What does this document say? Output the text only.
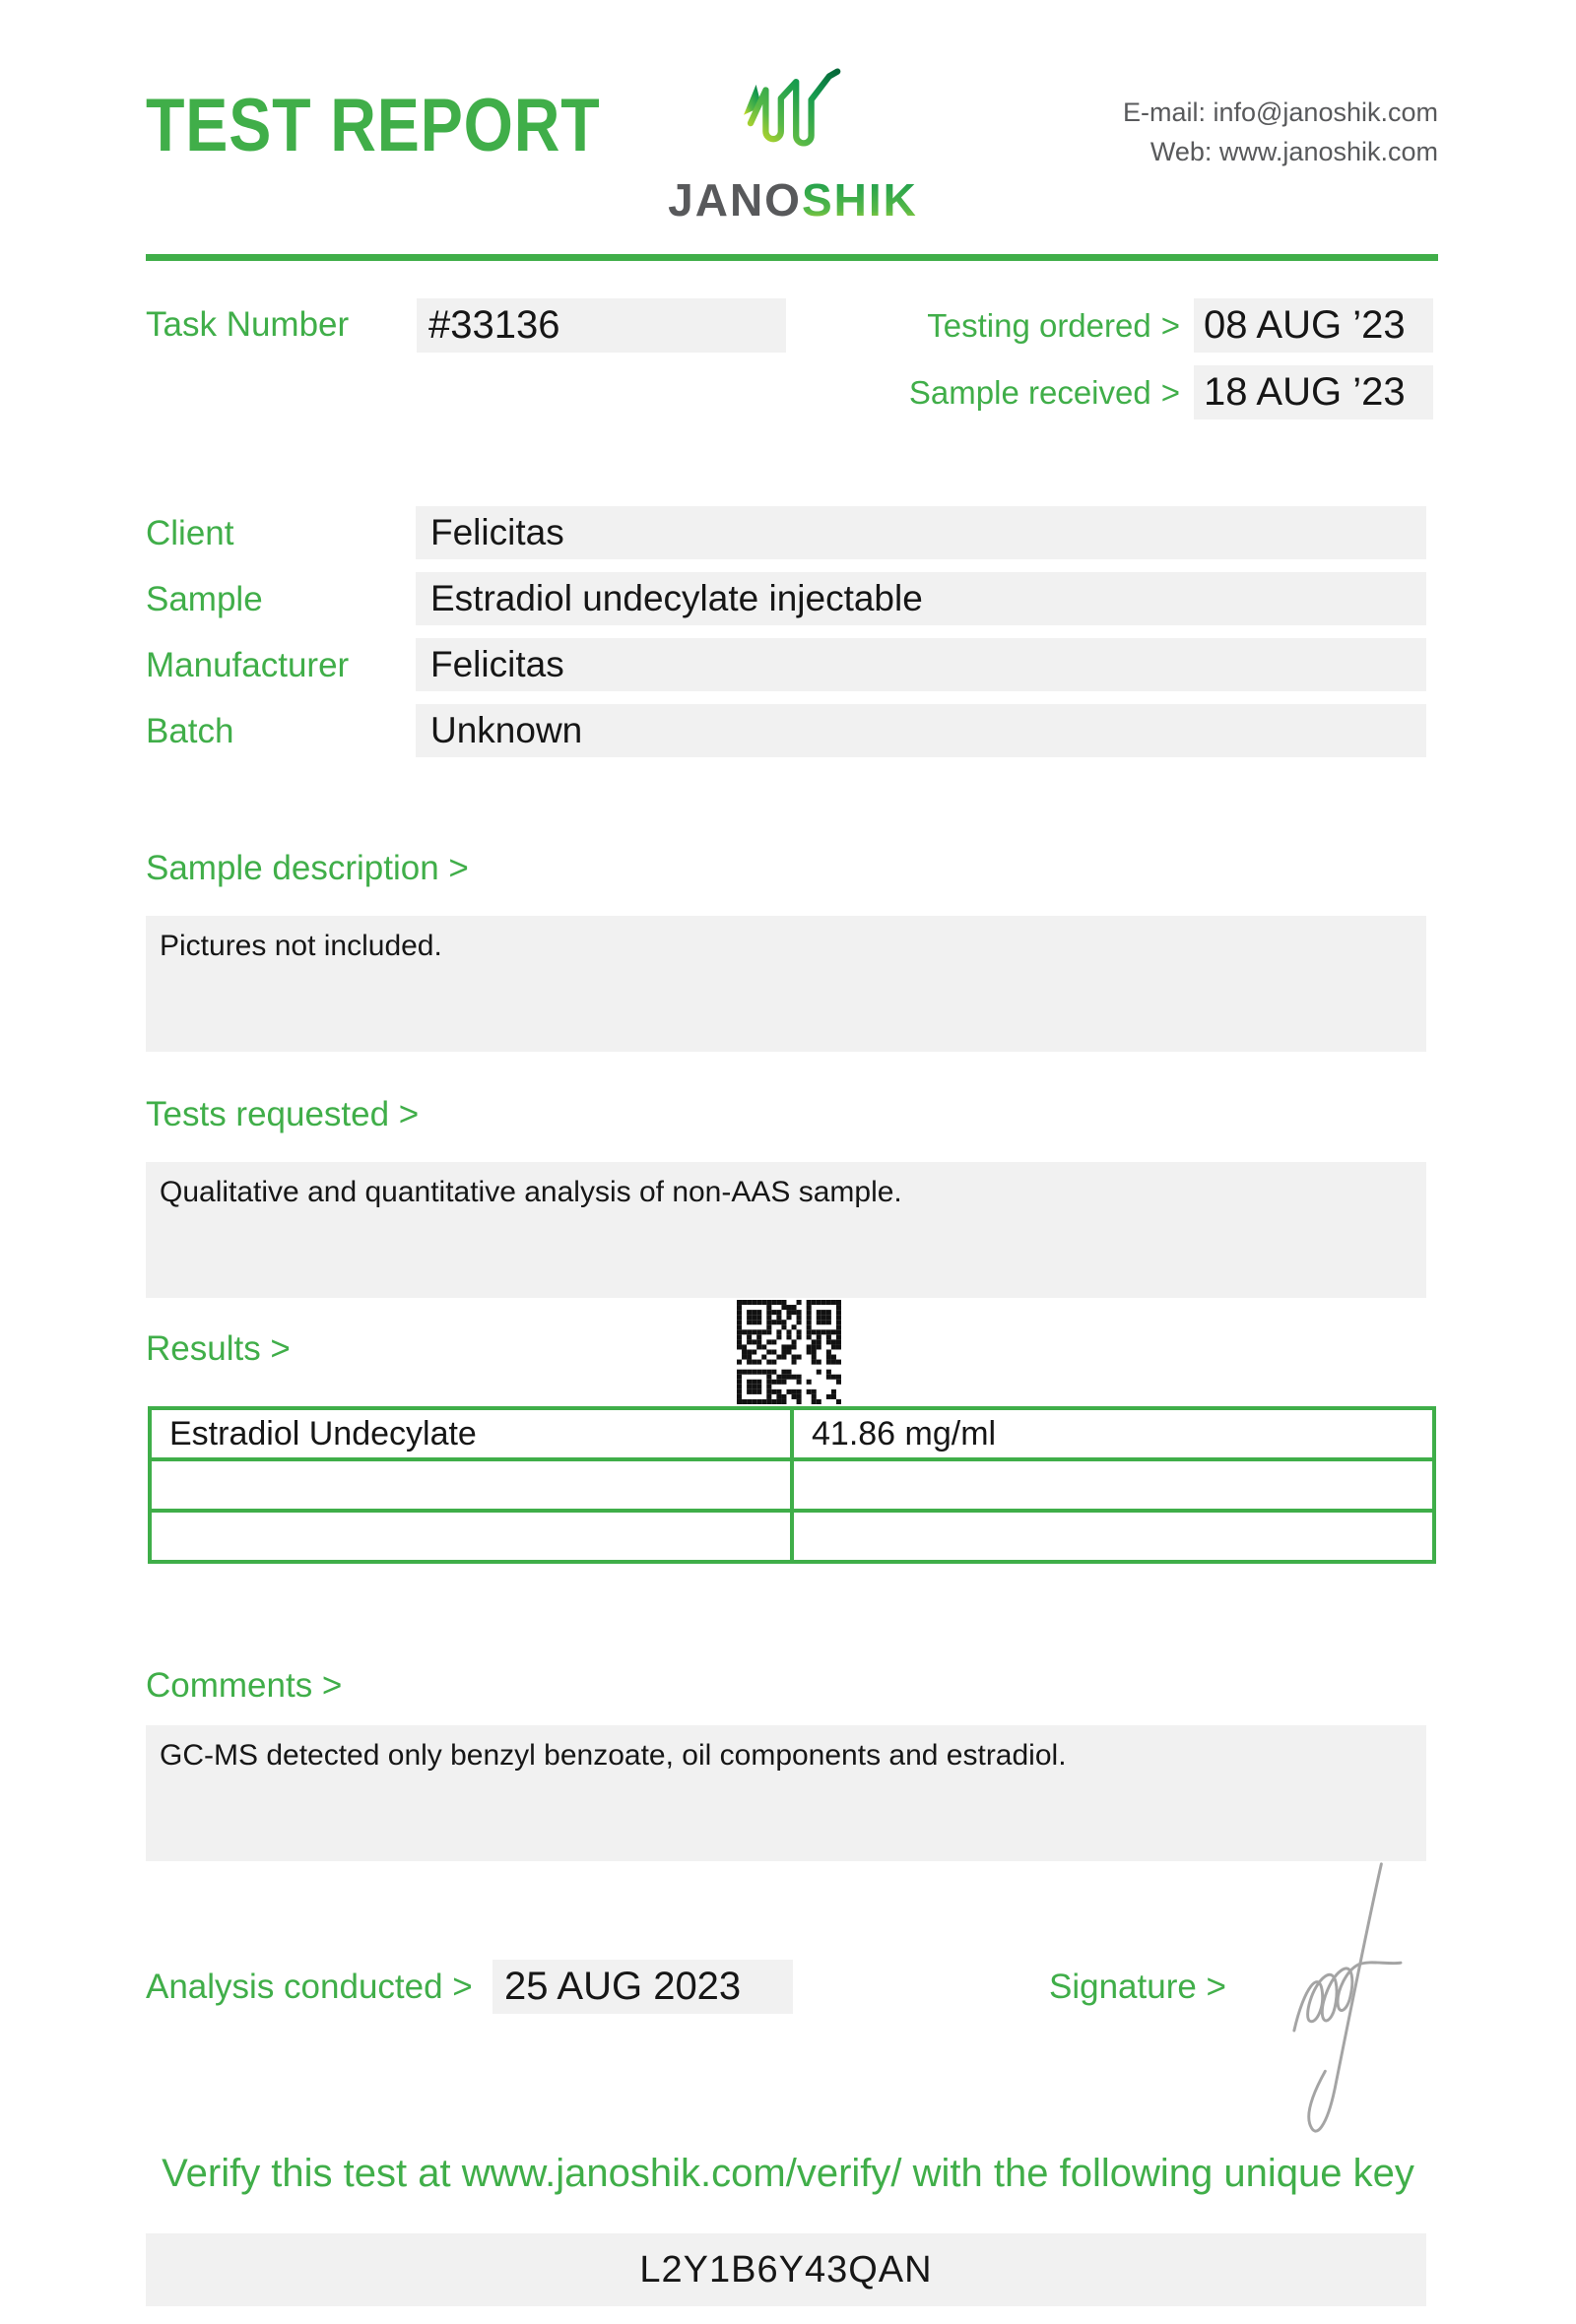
TEST REPORT
JANOSHIK
E-mail: info@janoshik.com
Web: www.janoshik.com
Task Number	#33136	Testing ordered > 08 AUG ’23
Sample received > 18 AUG ’23
Client	Felicitas
Sample	Estradiol undecylate injectable
Manufacturer	Felicitas
Batch	Unknown
Sample description >
Pictures not included.
Tests requested >
Qualitative and quantitative analysis of non-AAS sample.
Results >
Estradiol Undecylate	41.86 mg/ml

Comments >
GC-MS detected only benzyl benzoate, oil components and estradiol.
Analysis conducted > 25 AUG 2023	Signature >
Verify this test at www.janoshik.com/verify/ with the following unique key
L2Y1B6Y43QAN
